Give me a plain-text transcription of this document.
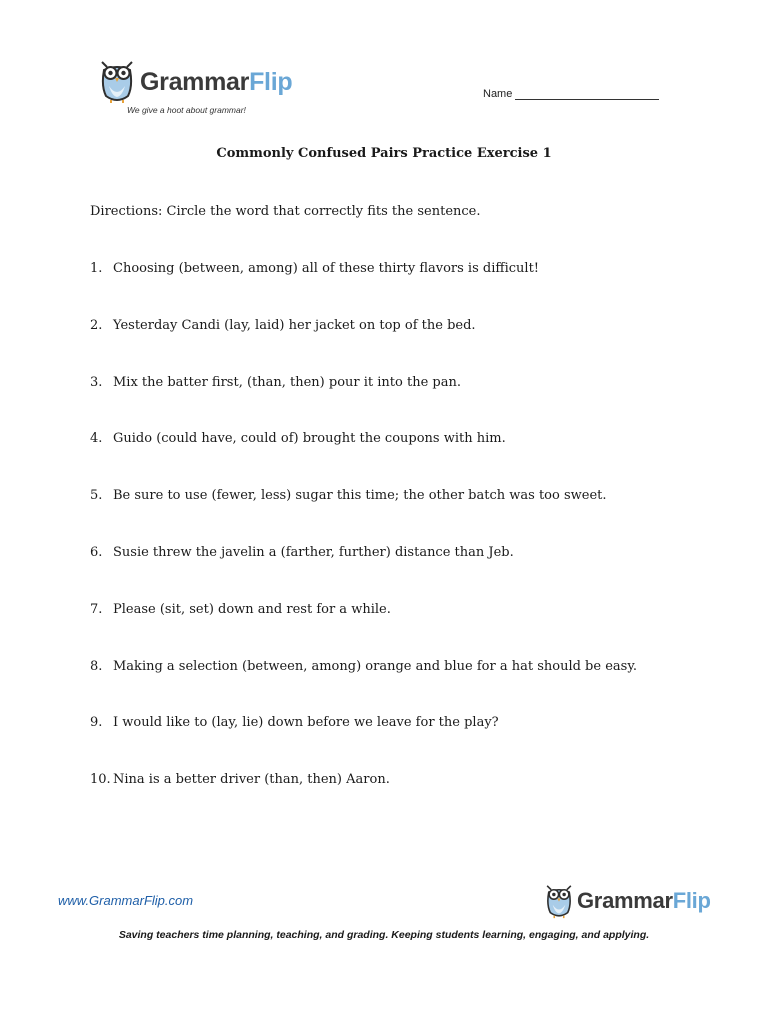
GrammarFlip
We give a hoot about grammar!
Name
Commonly Confused Pairs Practice Exercise 1
Directions: Circle the word that correctly fits the sentence.
1. Choosing (between, among) all of these thirty flavors is difficult!
2. Yesterday Candi (lay, laid) her jacket on top of the bed.
3. Mix the batter first, (than, then) pour it into the pan.
4. Guido (could have, could of) brought the coupons with him.
5. Be sure to use (fewer, less) sugar this time; the other batch was too sweet.
6. Susie threw the javelin a (farther, further) distance than Jeb.
7. Please (sit, set) down and rest for a while.
8. Making a selection (between, among) orange and blue for a hat should be easy.
9. I would like to (lay, lie) down before we leave for the play?
10. Nina is a better driver (than, then) Aaron.
www.GrammarFlip.com	GrammarFlip
Saving teachers time planning, teaching, and grading. Keeping students learning, engaging, and applying.
